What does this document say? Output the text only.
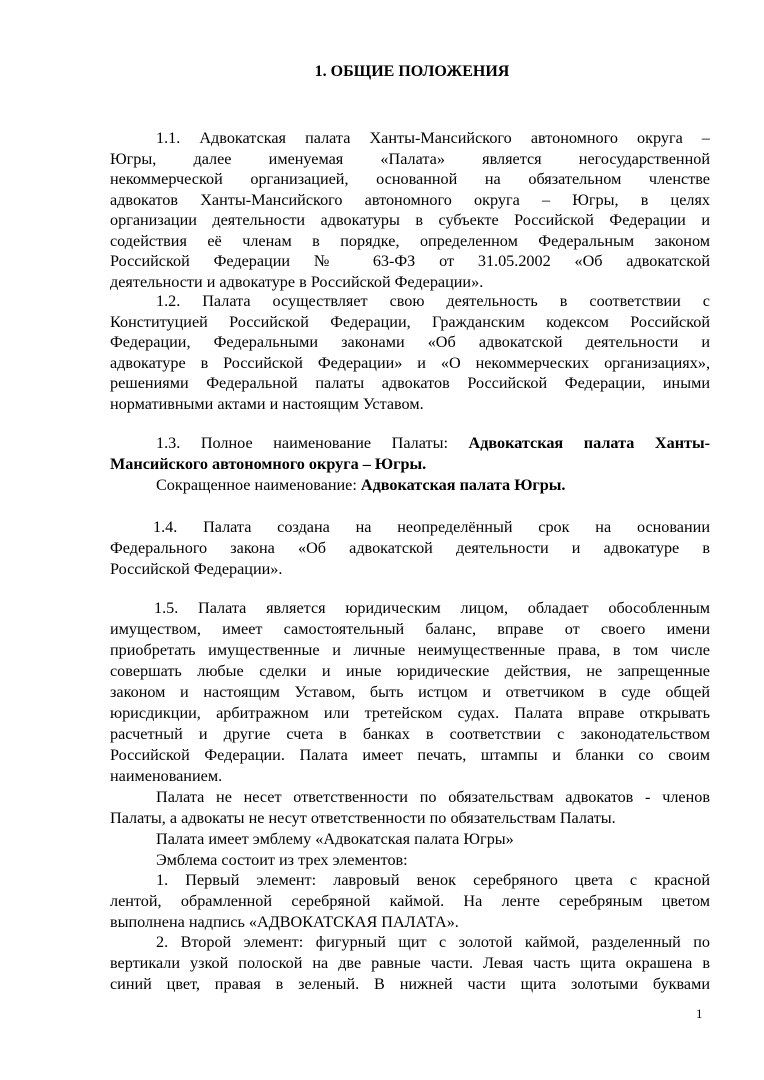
1. ОБЩИЕ ПОЛОЖЕНИЯ
1.1. Адвокатская палата Ханты-Мансийского автономного округа –
Югры, далее именуемая «Палата» является негосударственной
некоммерческой организацией, основанной на обязательном членстве
адвокатов Ханты-Мансийского автономного округа – Югры, в целях
организации деятельности адвокатуры в субъекте Российской Федерации и
содействия её членам в порядке, определенном Федеральным законом
Российской Федерации № 63-ФЗ от 31.05.2002 «Об адвокатской
деятельности и адвокатуре в Российской Федерации».
1.2. Палата осуществляет свою деятельность в соответствии с
Конституцией Российской Федерации, Гражданским кодексом Российской
Федерации, Федеральными законами «Об адвокатской деятельности и
адвокатуре в Российской Федерации» и «О некоммерческих организациях»,
решениями Федеральной палаты адвокатов Российской Федерации, иными
нормативными актами и настоящим Уставом.
1.3. Полное наименование Палаты: Адвокатская палата Ханты-
Мансийского автономного округа – Югры.
Сокращенное наименование: Адвокатская палата Югры.
1.4. Палата создана на неопределённый срок на основании
Федерального закона «Об адвокатской деятельности и адвокатуре в
Российской Федерации».
1.5. Палата является юридическим лицом, обладает обособленным
имуществом, имеет самостоятельный баланс, вправе от своего имени
приобретать имущественные и личные неимущественные права, в том числе
совершать любые сделки и иные юридические действия, не запрещенные
законом и настоящим Уставом, быть истцом и ответчиком в суде общей
юрисдикции, арбитражном или третейском судах. Палата вправе открывать
расчетный и другие счета в банках в соответствии с законодательством
Российской Федерации. Палата имеет печать, штампы и бланки со своим
наименованием.
Палата не несет ответственности по обязательствам адвокатов - членов
Палаты, а адвокаты не несут ответственности по обязательствам Палаты.
Палата имеет эмблему «Адвокатская палата Югры»
Эмблема состоит из трех элементов:
1. Первый элемент: лавровый венок серебряного цвета с красной
лентой, обрамленной серебряной каймой. На ленте серебряным цветом
выполнена надпись «АДВОКАТСКАЯ ПАЛАТА».
2. Второй элемент: фигурный щит с золотой каймой, разделенный по
вертикали узкой полоской на две равные части. Левая часть щита окрашена в
синий цвет, правая в зеленый. В нижней части щита золотыми буквами
1
